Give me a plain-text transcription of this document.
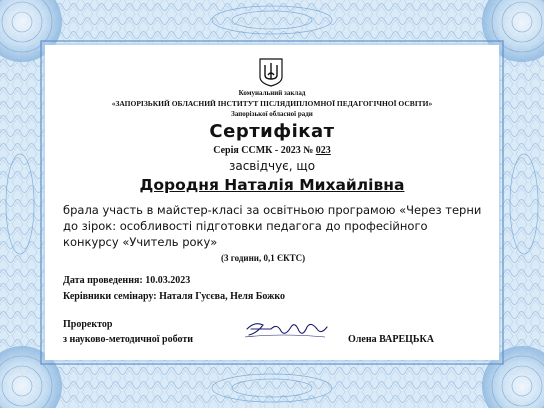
Комунальний заклад
«ЗАПОРІЗЬКИЙ ОБЛАСНИЙ ІНСТИТУТ ПІСЛЯДИПЛОМНОЇ ПЕДАГОГІЧНОЇ ОСВІТИ»
Запорізької обласної ради
Сертифікат
Серія ССМК - 2023 № 023
засвідчує, що
Дородня Наталія Михайлівна
брала участь в майстер-класі за освітньою програмою «Через терни
до зірок: особливості підготовки педагога до професійного
конкурсу «Учитель року»
(3 години, 0,1 ЄКТС)
Дата проведення: 10.03.2023
Керівники семінару: Наталя Гусєва, Неля Божко
Проректор
з науково-методичної роботи	Олена ВАРЕЦЬКА
